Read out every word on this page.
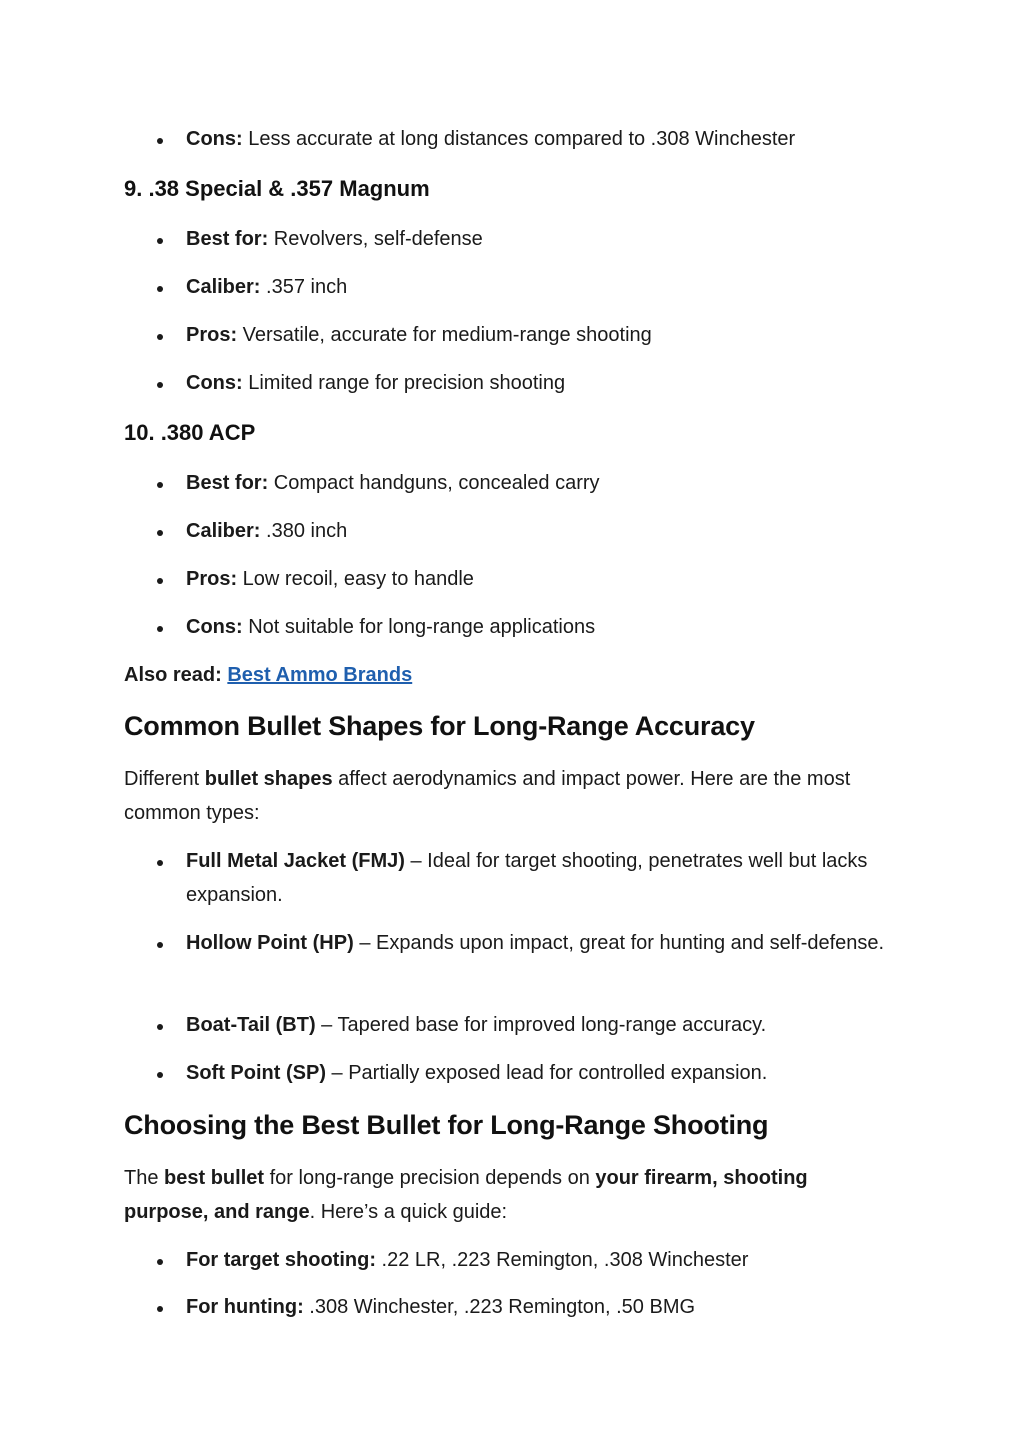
Cons: Less accurate at long distances compared to .308 Winchester
9. .38 Special & .357 Magnum
Best for: Revolvers, self-defense
Caliber: .357 inch
Pros: Versatile, accurate for medium-range shooting
Cons: Limited range for precision shooting
10. .380 ACP
Best for: Compact handguns, concealed carry
Caliber: .380 inch
Pros: Low recoil, easy to handle
Cons: Not suitable for long-range applications
Also read: Best Ammo Brands
Common Bullet Shapes for Long-Range Accuracy
Different bullet shapes affect aerodynamics and impact power. Here are the most common types:
Full Metal Jacket (FMJ) – Ideal for target shooting, penetrates well but lacks expansion.
Hollow Point (HP) – Expands upon impact, great for hunting and self-defense.
Boat-Tail (BT) – Tapered base for improved long-range accuracy.
Soft Point (SP) – Partially exposed lead for controlled expansion.
Choosing the Best Bullet for Long-Range Shooting
The best bullet for long-range precision depends on your firearm, shooting purpose, and range. Here’s a quick guide:
For target shooting: .22 LR, .223 Remington, .308 Winchester
For hunting: .308 Winchester, .223 Remington, .50 BMG
